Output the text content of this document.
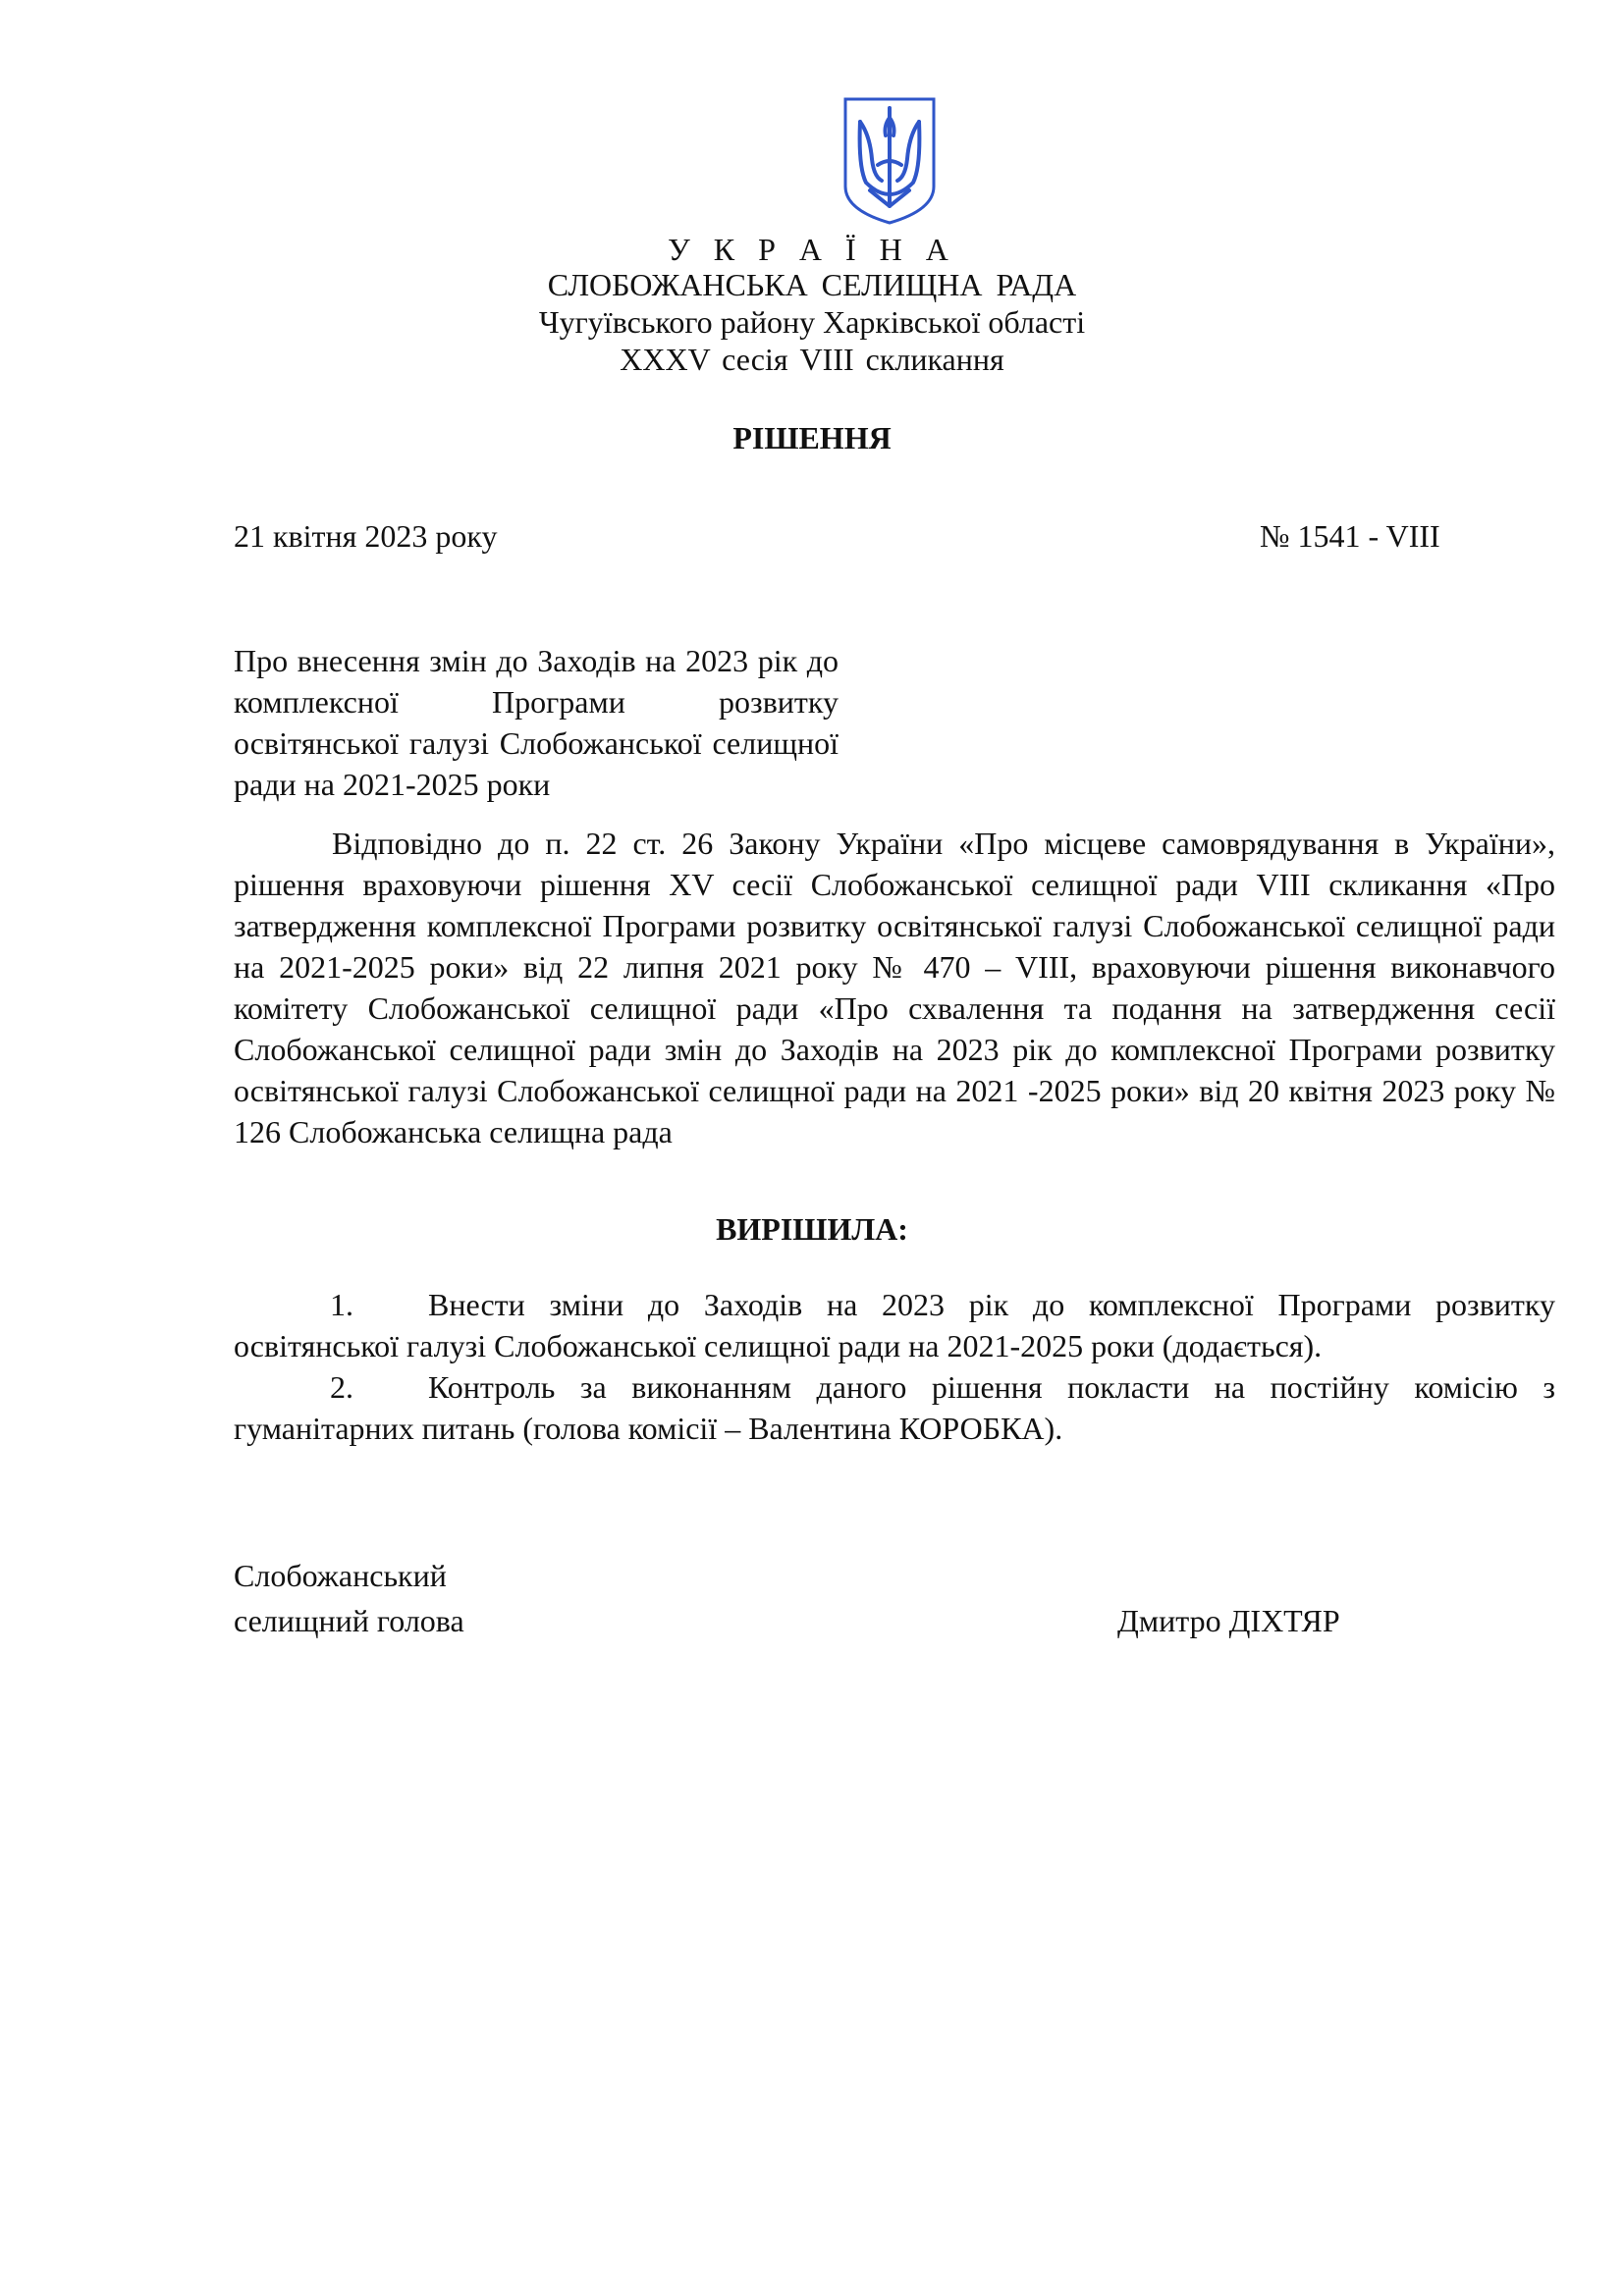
У К Р А Ї Н А
СЛОБОЖАНСЬКА СЕЛИЩНА РАДА
Чугуївського району Харківської області
XXXV сесія VIII скликання
РІШЕННЯ
21 квітня 2023 року	№ 1541 - VIII
Про внесення змін до Заходів на 2023 рік до комплексної Програми розвитку освітянської галузі Слобожанської селищної ради на 2021-2025 роки

Відповідно до п. 22 ст. 26 Закону України «Про місцеве самоврядування в України», рішення враховуючи рішення XV сесії Слобожанської селищної ради VIII скликання «Про затвердження комплексної Програми розвитку освітянської галузі Слобожанської селищної ради на 2021-2025 роки» від 22 липня 2021 року № 470 – VIII, враховуючи рішення виконавчого комітету Слобожанської селищної ради «Про схвалення та подання на затвердження сесії Слобожанської селищної ради змін до Заходів на 2023 рік до комплексної Програми розвитку освітянської галузі Слобожанської селищної ради на 2021 -2025 роки» від 20 квітня 2023 року № 126 Слобожанська селищна рада

ВИРІШИЛА:

1. Внести зміни до Заходів на 2023 рік до комплексної Програми розвитку освітянської галузі Слобожанської селищної ради на 2021-2025 роки (додається).

2. Контроль за виконанням даного рішення покласти на постійну комісію з гуманітарних питань (голова комісії – Валентина КОРОБКА).

Слобожанський
селищний голова	Дмитро ДІХТЯР
